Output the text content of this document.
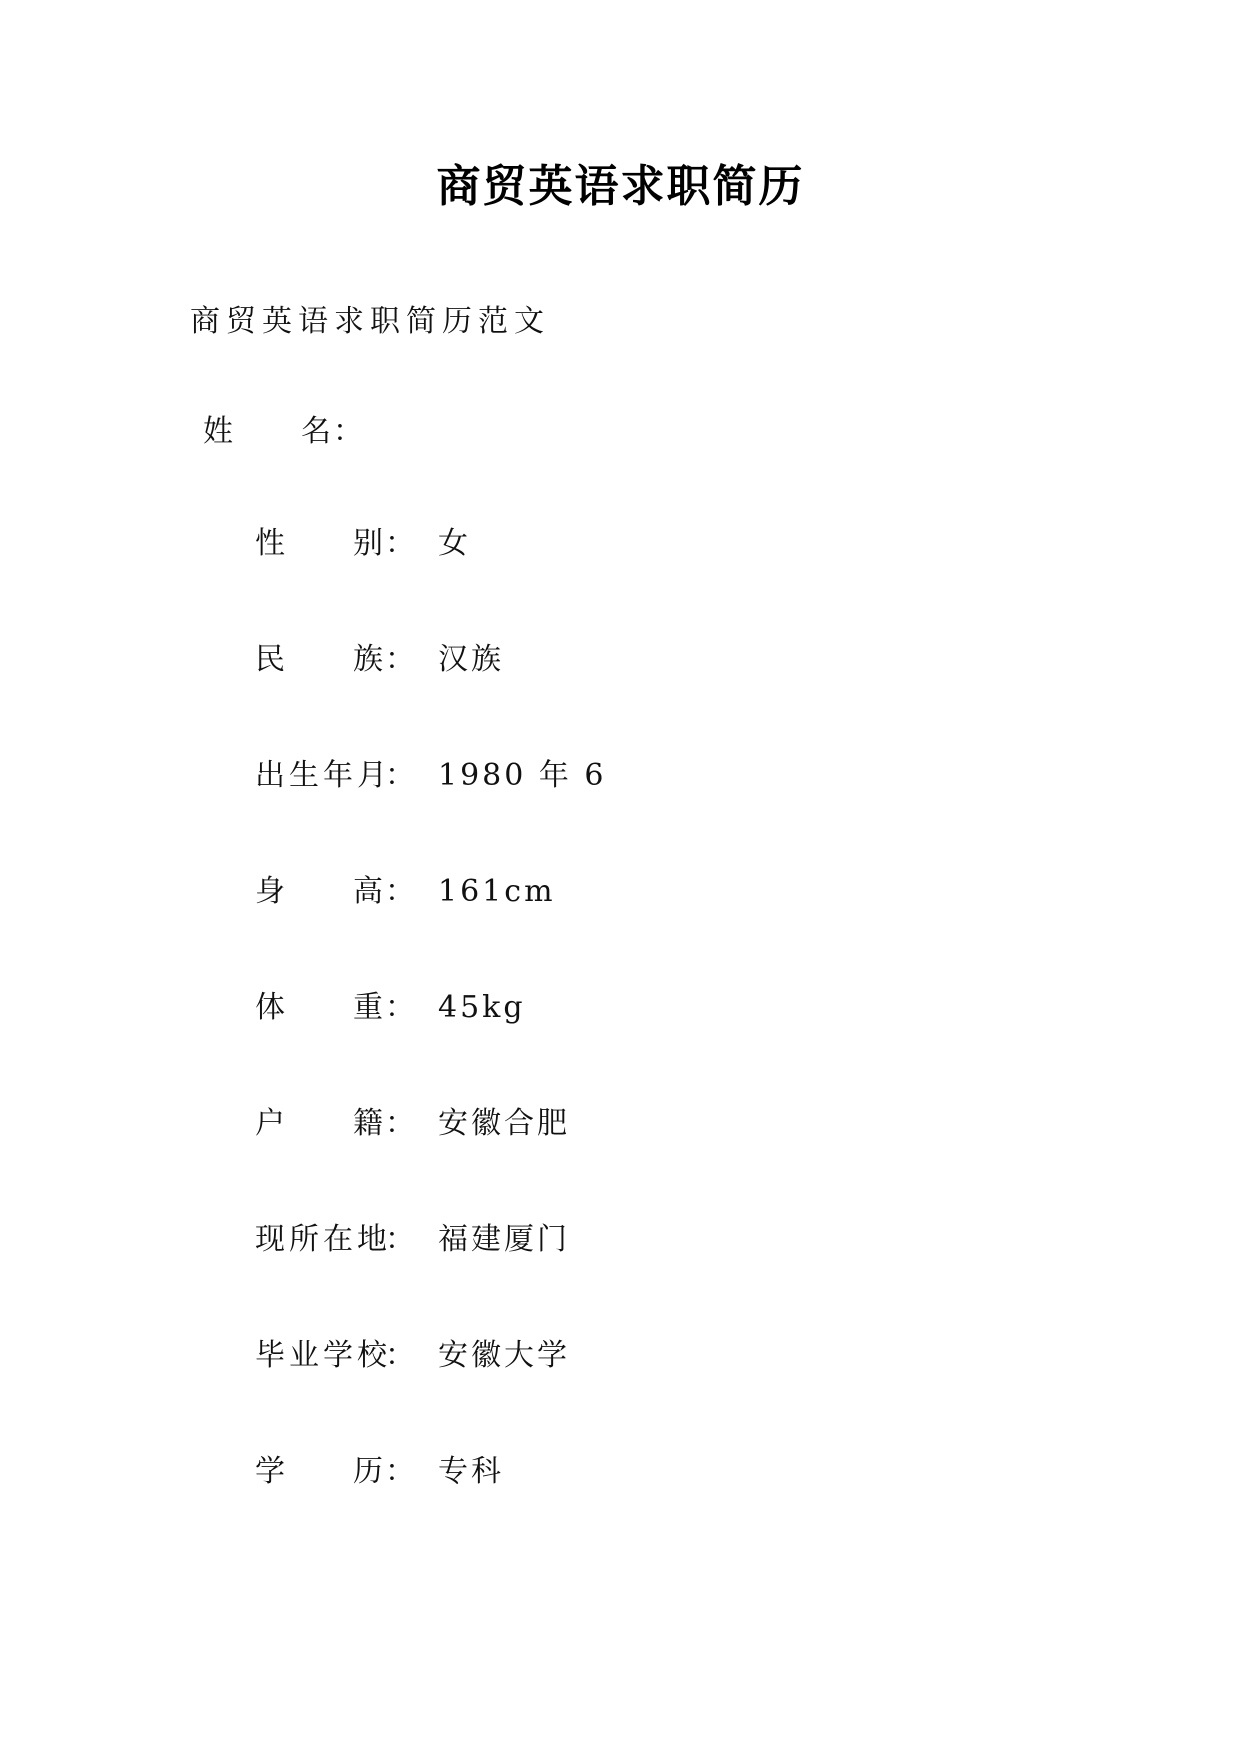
商贸英语求职简历

商贸英语求职简历范文

姓 名 ：
性 别 ： 女
民 族 ： 汉族
出生年月
： 1980 年 6
身 高 ： 161cm
体 重 ： 45kg
户 籍 ： 安徽合肥
现所在地
： 福建厦门
毕业学校
： 安徽大学
学 历 ： 专科
